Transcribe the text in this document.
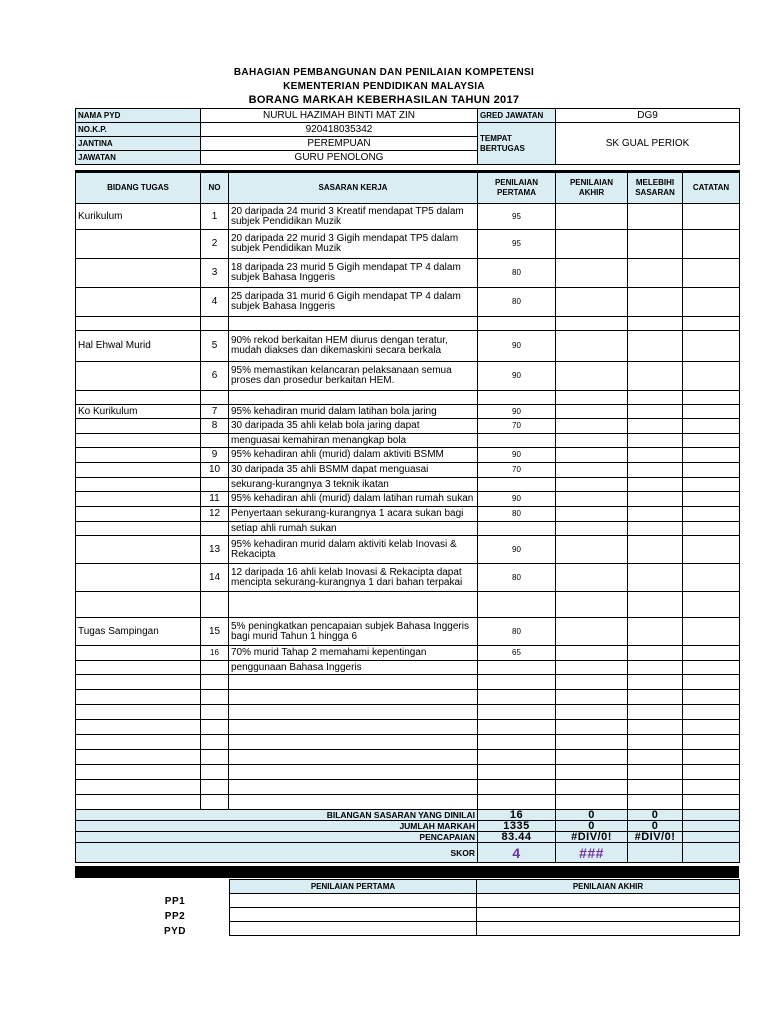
BAHAGIAN PEMBANGUNAN DAN PENILAIAN KOMPETENSI
KEMENTERIAN PENDIDIKAN MALAYSIA
BORANG MARKAH KEBERHASILAN TAHUN 2017
NAMA PYD	NURUL HAZIMAH BINTI MAT ZIN	GRED JAWATAN	DG9
NO.K.P.	920418035342	TEMPAT BERTUGAS	SK GUAL PERIOK
JANTINA	PEREMPUAN		
JAWATAN	GURU PENOLONG		
BIDANG TUGAS	NO	SASARAN KERJA	PENILAIAN PERTAMA	PENILAIAN AKHIR	MELEBIHI SASARAN	CATATAN
Kurikulum	1	20 daripada 24 murid 3 Kreatif mendapat TP5 dalam subjek Pendidikan Muzik	95			
	2	20 daripada 22 murid 3 Gigih mendapat TP5 dalam subjek Pendidikan Muzik	95			
	3	18 daripada 23 murid 5 Gigih mendapat TP 4 dalam subjek Bahasa Inggeris	80			
	4	25 daripada 31 murid 6 Gigih mendapat TP 4 dalam subjek Bahasa Inggeris	80			

Hal Ehwal Murid	5	90% rekod berkaitan HEM diurus dengan teratur, mudah diakses dan dikemaskini secara berkala	90			
	6	95% memastikan kelancaran pelaksanaan semua proses dan prosedur berkaitan HEM.	90			

Ko Kurikulum	7	95% kehadiran murid dalam latihan bola jaring	90			
	8	30 daripada 35 ahli kelab bola jaring dapat	70			
		menguasai kemahiran menangkap bola				
	9	95% kehadiran ahli (murid) dalam aktiviti BSMM	90			
	10	30 daripada 35 ahli BSMM dapat menguasai	70			
		sekurang-kurangnya 3 teknik ikatan				
	11	95% kehadiran ahli (murid) dalam latihan rumah sukan	90			
	12	Penyertaan sekurang-kurangnya 1 acara sukan bagi	80			
		setiap ahli rumah sukan				
	13	95% kehadiran murid dalam aktiviti kelab Inovasi & Rekacipta	90			
	14	12 daripada 16 ahli kelab Inovasi & Rekacipta dapat mencipta sekurang-kurangnya 1 dari bahan terpakai	80			

Tugas Sampingan	15	5% peningkatkan pencapaian subjek Bahasa Inggeris bagi murid Tahun 1 hingga 6	80			
	16	70% murid Tahap 2 memahami kepentingan	65			
		penggunaan Bahasa Inggeris				

BILANGAN SASARAN YANG DINILAI			16	0	0	
JUMLAH MARKAH			1335	0	0	
PENCAPAIAN			83.44	#DIV/0!	#DIV/0!	
SKOR			4	###		
PENILAIAN PERTAMA	PENILAIAN AKHIR

PP1
PP2
PYD
